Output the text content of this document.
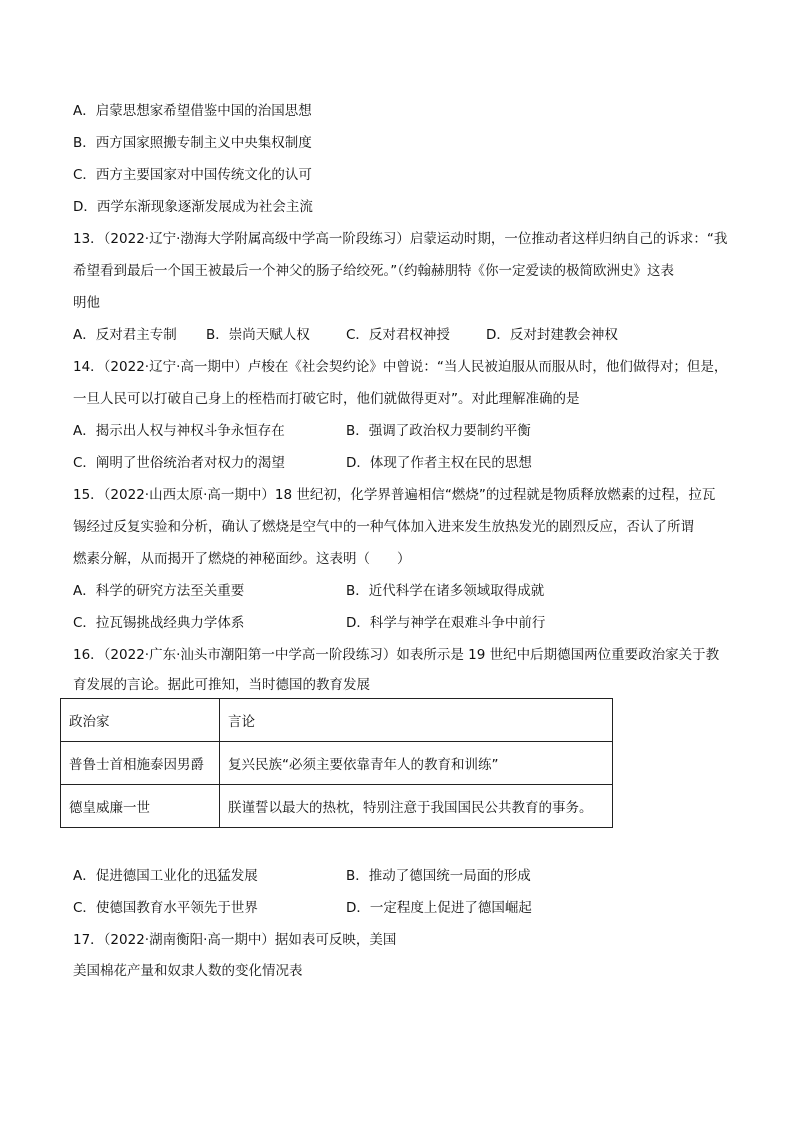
A．启蒙思想家希望借鉴中国的治国思想
B．西方国家照搬专制主义中央集权制度
C．西方主要国家对中国传统文化的认可
D．西学东渐现象逐渐发展成为社会主流
13．（2022·辽宁·渤海大学附属高级中学高一阶段练习）启蒙运动时期，一位推动者这样归纳自己的诉求：“我
希望看到最后一个国王被最后一个神父的肠子给绞死。”（约翰赫朋特《你一定爱读的极简欧洲史》这表
明他
A．反对君主专制 B．崇尚天赋人权	C．反对君权神授	D．反对封建教会神权
14．（2022·辽宁·高一期中）卢梭在《社会契约论》中曾说：“当人民被迫服从而服从时，他们做得对；但是，
一旦人民可以打破自己身上的桎梏而打破它时，他们就做得更对”。对此理解准确的是
A．揭示出人权与神权斗争永恒存在	B．强调了政治权力要制约平衡
C．阐明了世俗统治者对权力的渴望	D．体现了作者主权在民的思想
15．（2022·山西太原·高一期中）18 世纪初，化学界普遍相信“燃烧”的过程就是物质释放燃素的过程，拉瓦
锡经过反复实验和分析，确认了燃烧是空气中的一种气体加入进来发生放热发光的剧烈反应，否认了所谓
燃素分解，从而揭开了燃烧的神秘面纱。这表明（　　）
A．科学的研究方法至关重要	B．近代科学在诸多领域取得成就
C．拉瓦锡挑战经典力学体系	D．科学与神学在艰难斗争中前行
16．（2022·广东·汕头市潮阳第一中学高一阶段练习）如表所示是 19 世纪中后期德国两位重要政治家关于教
育发展的言论。据此可推知，当时德国的教育发展
政治家	言论
普鲁士首相施泰因男爵	复兴民族“必须主要依靠青年人的教育和训练”
德皇威廉一世	朕谨誓以最大的热枕，特别注意于我国国民公共教育的事务。
A．促进德国工业化的迅猛发展	B．推动了德国统一局面的形成
C．使德国教育水平领先于世界	D．一定程度上促进了德国崛起
17．（2022·湖南衡阳·高一期中）据如表可反映，美国
美国棉花产量和奴隶人数的变化情况表
